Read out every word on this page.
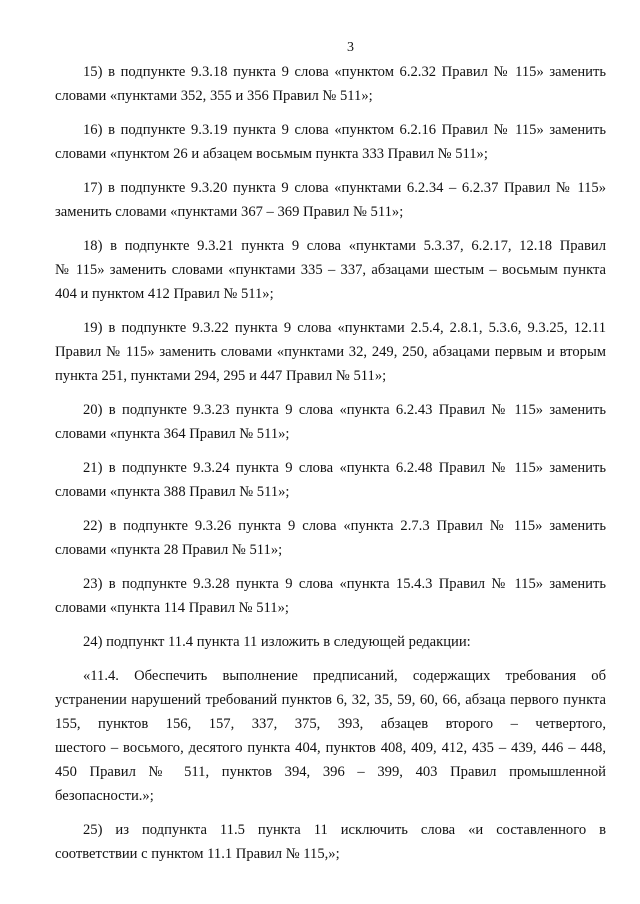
3
15) в подпункте 9.3.18 пункта 9 слова «пунктом 6.2.32 Правил № 115» заменить
словами «пунктами 352, 355 и 356 Правил № 511»;
16) в подпункте 9.3.19 пункта 9 слова «пунктом 6.2.16 Правил № 115» заменить
словами «пунктом 26 и абзацем восьмым пункта 333 Правил № 511»;
17) в подпункте 9.3.20 пункта 9 слова «пунктами 6.2.34 – 6.2.37 Правил № 115»
заменить словами «пунктами 367 – 369 Правил № 511»;
18) в подпункте 9.3.21 пункта 9 слова «пунктами 5.3.37, 6.2.17, 12.18 Правил
№ 115» заменить словами «пунктами 335 – 337, абзацами шестым – восьмым пункта
404 и пунктом 412 Правил № 511»;
19) в подпункте 9.3.22 пункта 9 слова «пунктами 2.5.4, 2.8.1, 5.3.6, 9.3.25, 12.11
Правил № 115» заменить словами «пунктами 32, 249, 250, абзацами первым и вторым
пункта 251, пунктами 294, 295 и 447 Правил № 511»;
20) в подпункте 9.3.23 пункта 9 слова «пункта 6.2.43 Правил № 115» заменить
словами «пункта 364 Правил № 511»;
21) в подпункте 9.3.24 пункта 9 слова «пункта 6.2.48 Правил № 115» заменить
словами «пункта 388 Правил № 511»;
22) в подпункте 9.3.26 пункта 9 слова «пункта 2.7.3 Правил № 115» заменить
словами «пункта 28 Правил № 511»;
23) в подпункте 9.3.28 пункта 9 слова «пункта 15.4.3 Правил № 115» заменить
словами «пункта 114 Правил № 511»;
24) подпункт 11.4 пункта 11 изложить в следующей редакции:
«11.4. Обеспечить выполнение предписаний, содержащих требования об
устранении нарушений требований пунктов 6, 32, 35, 59, 60, 66, абзаца первого пункта
155, пунктов 156, 157, 337, 375, 393, абзацев второго – четвертого,
шестого – восьмого, десятого пункта 404, пунктов 408, 409, 412, 435 – 439, 446 – 448,
450 Правил № 511, пунктов 394, 396 – 399, 403 Правил промышленной
безопасности.»;
25) из подпункта 11.5 пункта 11 исключить слова «и составленного в
соответствии с пунктом 11.1 Правил № 115,»;
